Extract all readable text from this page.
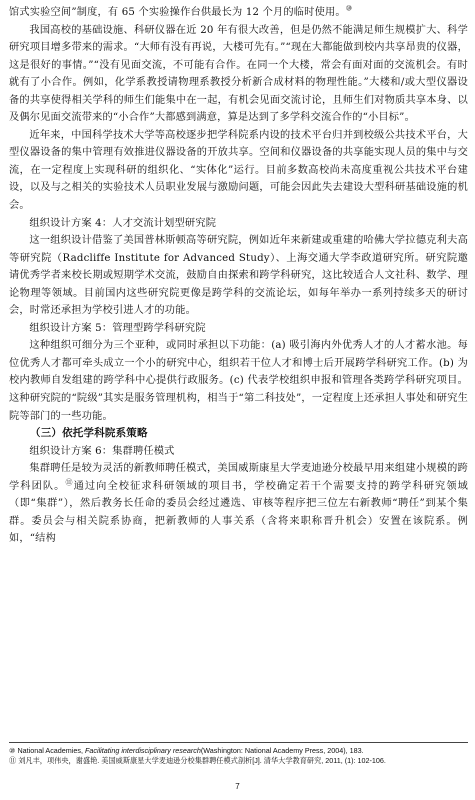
馆式实验空间”制度，有 65 个实验操作台供最长为 12 个月的临时使用。⑩

我国高校的基础设施、科研仪器在近 20 年有很大改善，但是仍然不能满足师生规模扩大、科学研究项目增多带来的需求。“大师有没有再说，大楼可先有。”“现在大都能做到校内共享昂贵的仪器，这是很好的事情。”“没有见面交流，不可能有合作。在同一个大楼，常会有面对面的交流机会。有时就有了小合作。例如，化学系教授请物理系教授分析新合成材料的物理性能。”大楼和/或大型仪器设备的共享使得相关学科的师生们能集中在一起，有机会见面交流讨论，且师生们对物质共享本身、以及偶尔见面交流带来的“小合作”大都感到满意，算是达到了多学科交流合作的“小目标”。

近年来，中国科学技术大学等高校逐步把学科院系内设的技术平台归并到校级公共技术平台，大型仪器设备的集中管理有效推进仪器设备的开放共享。空间和仪器设备的共享能实现人员的集中与交流，在一定程度上实现科研的组织化、“实体化”运行。目前多数高校尚未高度重视公共技术平台建设，以及与之相关的实验技术人员职业发展与激励问题，可能会因此失去建设大型科研基础设施的机会。

组织设计方案 4：人才交流计划型研究院

这一组织设计借鉴了美国普林斯顿高等研究院，例如近年来新建或重建的哈佛大学拉德克利夫高等研究院（Radcliffe Institute for Advanced Study）、上海交通大学李政道研究所。研究院邀请优秀学者来校长期或短期学术交流，鼓励自由探索和跨学科研究，这比较适合人文社科、数学、理论物理等领域。目前国内这些研究院更像是跨学科的交流论坛，如每年举办一系列持续多天的研讨会，时常还承担为学校引进人才的功能。

组织设计方案 5：管理型跨学科研究院

这种组织可细分为三个亚种，或同时承担以下功能：(a) 吸引海内外优秀人才的人才蓄水池。每位优秀人才都可牵头成立一个小的研究中心，组织若干位人才和博士后开展跨学科研究工作。(b) 为校内教师自发组建的跨学科中心提供行政服务。(c) 代表学校组织申报和管理各类跨学科研究项目。这种研究院的“院级”其实是服务管理机构，相当于“第二科技处”，一定程度上还承担人事处和研究生院等部门的一些功能。

（三）依托学科院系策略

组织设计方案 6：集群聘任模式

集群聘任是较为灵活的新教师聘任模式，美国威斯康星大学麦迪逊分校最早用来组建小规模的跨学科团队。⑪通过向全校征求科研领域的项目书，学校确定若干个需要支持的跨学科研究领域（即“集群”），然后教务长任命的委员会经过遴选、审核等程序把三位左右新教师“聘任”到某个集群。委员会与相关院系协商，把新教师的人事关系（含将来职称晋升机会）安置在该院系。例如，“结构

⑩ National Academies, Facilitating interdisciplinary research(Washington: National Academy Press, 2004), 183.

⑪ 刘凡丰，项伟央，谢盛艳. 美国威斯康星大学麦迪逊分校集群聘任模式剖析[J]. 清华大学教育研究, 2011, (1): 102-106.

7
